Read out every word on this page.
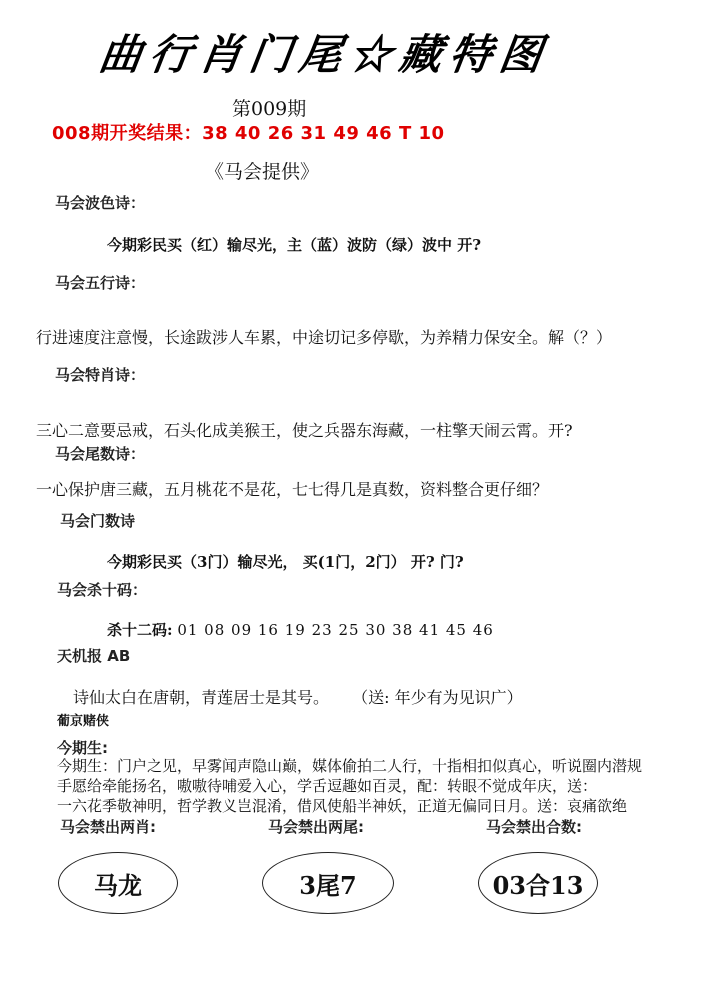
曲行肖门尾☆藏特图
第009期
008期开奖结果：38 40 26 31 49 46 T 10
《马会提供》
马会波色诗：
今期彩民买（红）输尽光，主（蓝）波防（绿）波中 开?
马会五行诗：
行进速度注意慢，长途跋涉人车累，中途切记多停歇，为养精力保安全。解（？）
马会特肖诗：
三心二意要忌戒，石头化成美猴王，使之兵器东海藏，一柱擎天闹云霄。开?
马会尾数诗：
一心保护唐三藏，五月桃花不是花，七七得几是真数，资料整合更仔细？
马会门数诗
今期彩民买（3门）输尽光， 买(1门，2门） 开? 门?
马会杀十码：
杀十二码: 01 08 09 16 19 23 25 30 38 41 45 46
天机报 AB
诗仙太白在唐朝，青莲居士是其号。 （送: 年少有为见识广）
葡京赌侠
今期生:
今期生：门户之见，早雾闻声隐山巅，媒体偷拍二人行，十指相扣似真心，听说圈内潜规
手愿给牵能扬名，嗷嗷待哺爱入心，学舌逗趣如百灵，配：转眼不觉成年庆，送：
一六花季敬神明，哲学教义岂混淆，借风使船半神妖，正道无偏同日月。送：哀痛欲绝
马会禁出两肖:	马会禁出两尾:	马会禁出合数:
马龙	3尾7	03合13
